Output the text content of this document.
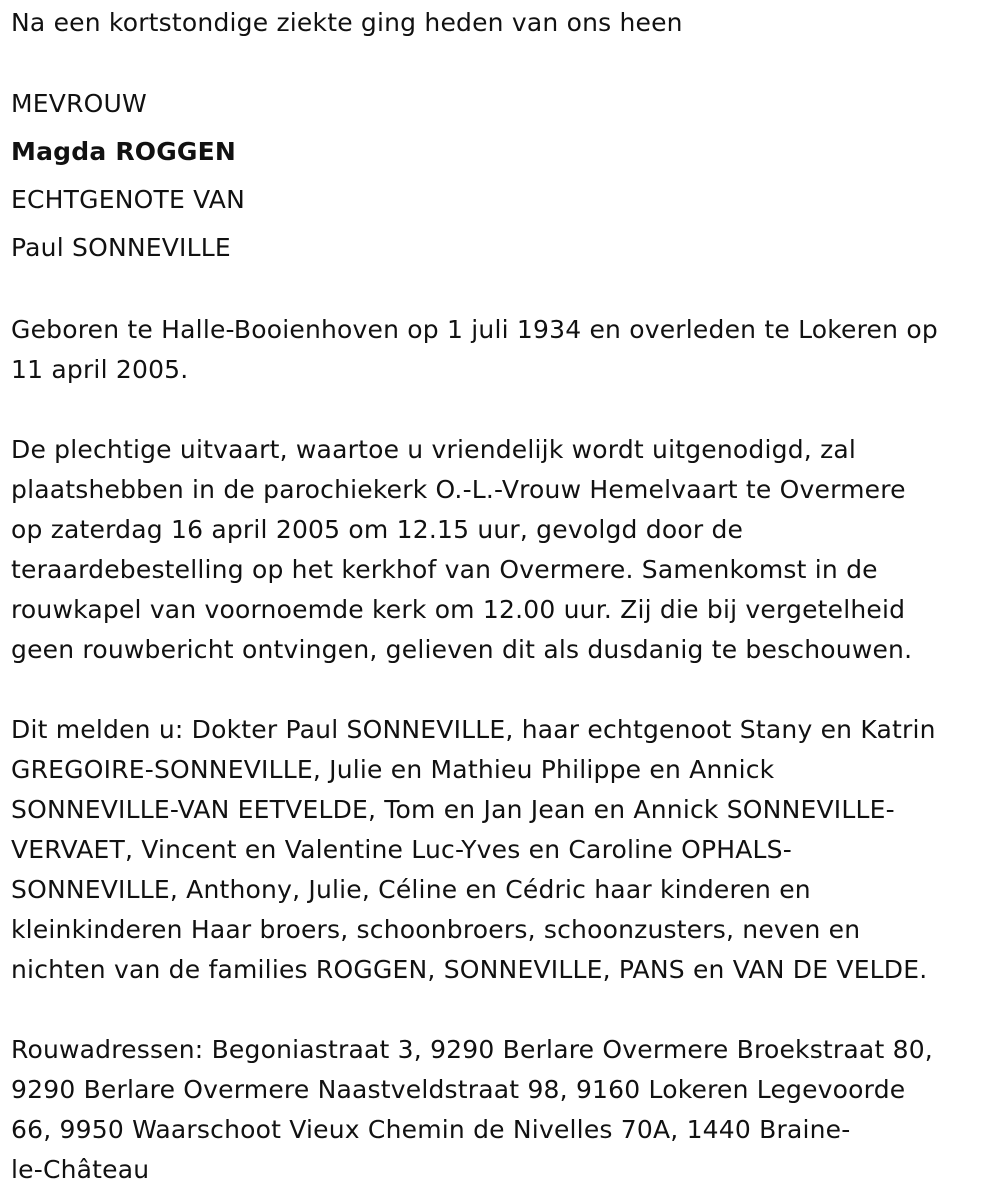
Na een kortstondige ziekte ging heden van ons heen
MEVROUW
Magda ROGGEN
ECHTGENOTE VAN
Paul SONNEVILLE
Geboren te Halle-Booienhoven op 1 juli 1934 en overleden te Lokeren op
11 april 2005.
De plechtige uitvaart, waartoe u vriendelijk wordt uitgenodigd, zal
plaatshebben in de parochiekerk O.-L.-Vrouw Hemelvaart te Overmere
op zaterdag 16 april 2005 om 12.15 uur, gevolgd door de
teraardebestelling op het kerkhof van Overmere. Samenkomst in de
rouwkapel van voornoemde kerk om 12.00 uur. Zij die bij vergetelheid
geen rouwbericht ontvingen, gelieven dit als dusdanig te beschouwen.
Dit melden u: Dokter Paul SONNEVILLE, haar echtgenoot Stany en Katrin
GREGOIRE-SONNEVILLE, Julie en Mathieu Philippe en Annick
SONNEVILLE-VAN EETVELDE, Tom en Jan Jean en Annick SONNEVILLE-
VERVAET, Vincent en Valentine Luc-Yves en Caroline OPHALS-
SONNEVILLE, Anthony, Julie, Céline en Cédric haar kinderen en
kleinkinderen Haar broers, schoonbroers, schoonzusters, neven en
nichten van de families ROGGEN, SONNEVILLE, PANS en VAN DE VELDE.
Rouwadressen: Begoniastraat 3, 9290 Berlare Overmere Broekstraat 80,
9290 Berlare Overmere Naastveldstraat 98, 9160 Lokeren Legevoorde
66, 9950 Waarschoot Vieux Chemin de Nivelles 70A, 1440 Braine-
le-Château
